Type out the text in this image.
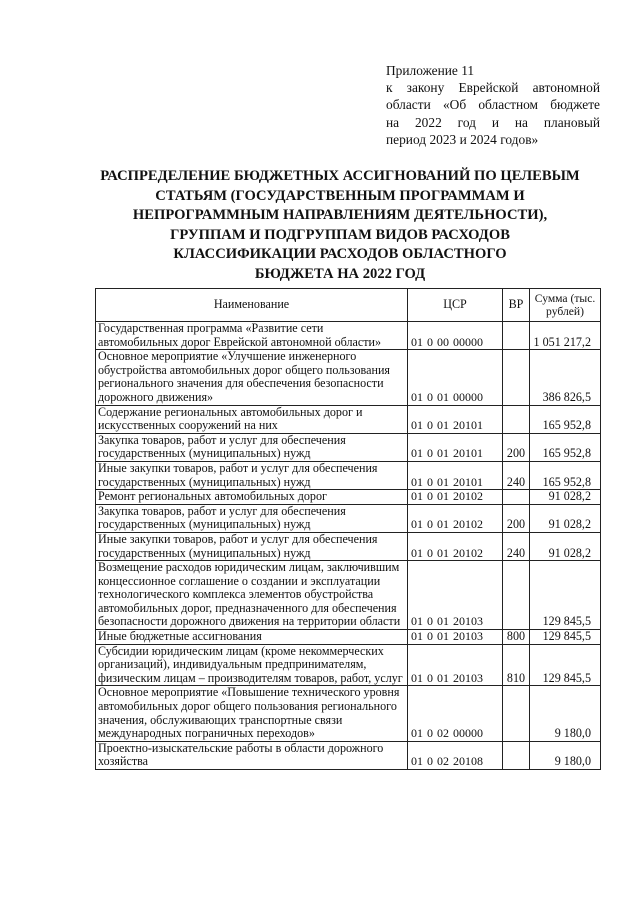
Приложение 11
к закону Еврейской автономной
области «Об областном бюджете
на 2022 год и на плановый
период 2023 и 2024 годов»
РАСПРЕДЕЛЕНИЕ БЮДЖЕТНЫХ АССИГНОВАНИЙ ПО ЦЕЛЕВЫМ
СТАТЬЯМ (ГОСУДАРСТВЕННЫМ ПРОГРАММАМ И
НЕПРОГРАММНЫМ НАПРАВЛЕНИЯМ ДЕЯТЕЛЬНОСТИ),
ГРУППАМ И ПОДГРУППАМ ВИДОВ РАСХОДОВ
КЛАССИФИКАЦИИ РАСХОДОВ ОБЛАСТНОГО
БЮДЖЕТА НА 2022 ГОД
Наименование	ЦСР	ВР	Сумма (тыс. рублей)
Государственная программа «Развитие сети автомобильных дорог Еврейской автономной области»	01 0 00 00000		1 051 217,2
Основное мероприятие «Улучшение инженерного обустройства автомобильных дорог общего пользования регионального значения для обеспечения безопасности дорожного движения»	01 0 01 00000		386 826,5
Содержание региональных автомобильных дорог и искусственных сооружений на них	01 0 01 20101		165 952,8
Закупка товаров, работ и услуг для обеспечения государственных (муниципальных) нужд	01 0 01 20101	200	165 952,8
Иные закупки товаров, работ и услуг для обеспечения государственных (муниципальных) нужд	01 0 01 20101	240	165 952,8
Ремонт региональных автомобильных дорог	01 0 01 20102		91 028,2
Закупка товаров, работ и услуг для обеспечения государственных (муниципальных) нужд	01 0 01 20102	200	91 028,2
Иные закупки товаров, работ и услуг для обеспечения государственных (муниципальных) нужд	01 0 01 20102	240	91 028,2
Возмещение расходов юридическим лицам, заключившим концессионное соглашение о создании и эксплуатации технологического комплекса элементов обустройства автомобильных дорог, предназначенного для обеспечения безопасности дорожного движения на территории области	01 0 01 20103		129 845,5
Иные бюджетные ассигнования	01 0 01 20103	800	129 845,5
Субсидии юридическим лицам (кроме некоммерческих организаций), индивидуальным предпринимателям, физическим лицам – производителям товаров, работ, услуг	01 0 01 20103	810	129 845,5
Основное мероприятие «Повышение технического уровня автомобильных дорог общего пользования регионального значения, обслуживающих транспортные связи международных пограничных переходов»	01 0 02 00000		9 180,0
Проектно-изыскательские работы в области дорожного хозяйства	01 0 02 20108		9 180,0
